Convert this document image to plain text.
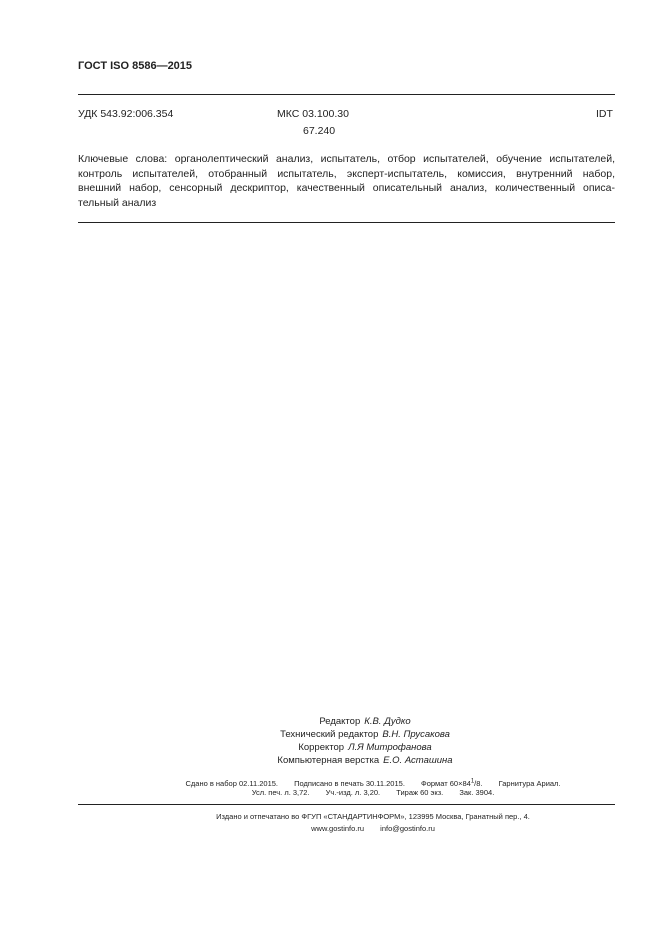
ГОСТ ISO 8586—2015
УДК 543.92:006.354	МКС 03.100.30
67.240
IDT
Ключевые слова: органолептический анализ, испытатель, отбор испытателей, обучение испытателей,
контроль испытателей, отобранный испытатель, эксперт-испытатель, комиссия, внутренний набор,
внешний набор, сенсорный дескриптор, качественный описательный анализ, количественный описа-
тельный анализ
Редактор К.В. Дудко
Технический редактор В.Н. Прусакова
Корректор Л.Я Митрофанова
Компьютерная верстка Е.О. Асташина
Сдано в набор 02.11.2015. Подписано в печать 30.11.2015. Формат $60\times 84^1/8$. Гарнитура Ариал.
Усл. печ. л. 3,72. Уч.-изд. л. 3,20. Тираж 60 экз. Зак. 3904.
Издано и отпечатано во ФГУП «СТАНДАРТИНФОРМ», 123995 Москва, Гранатный пер., 4.
www.gostinfo.ru info@gostinfo.ru
